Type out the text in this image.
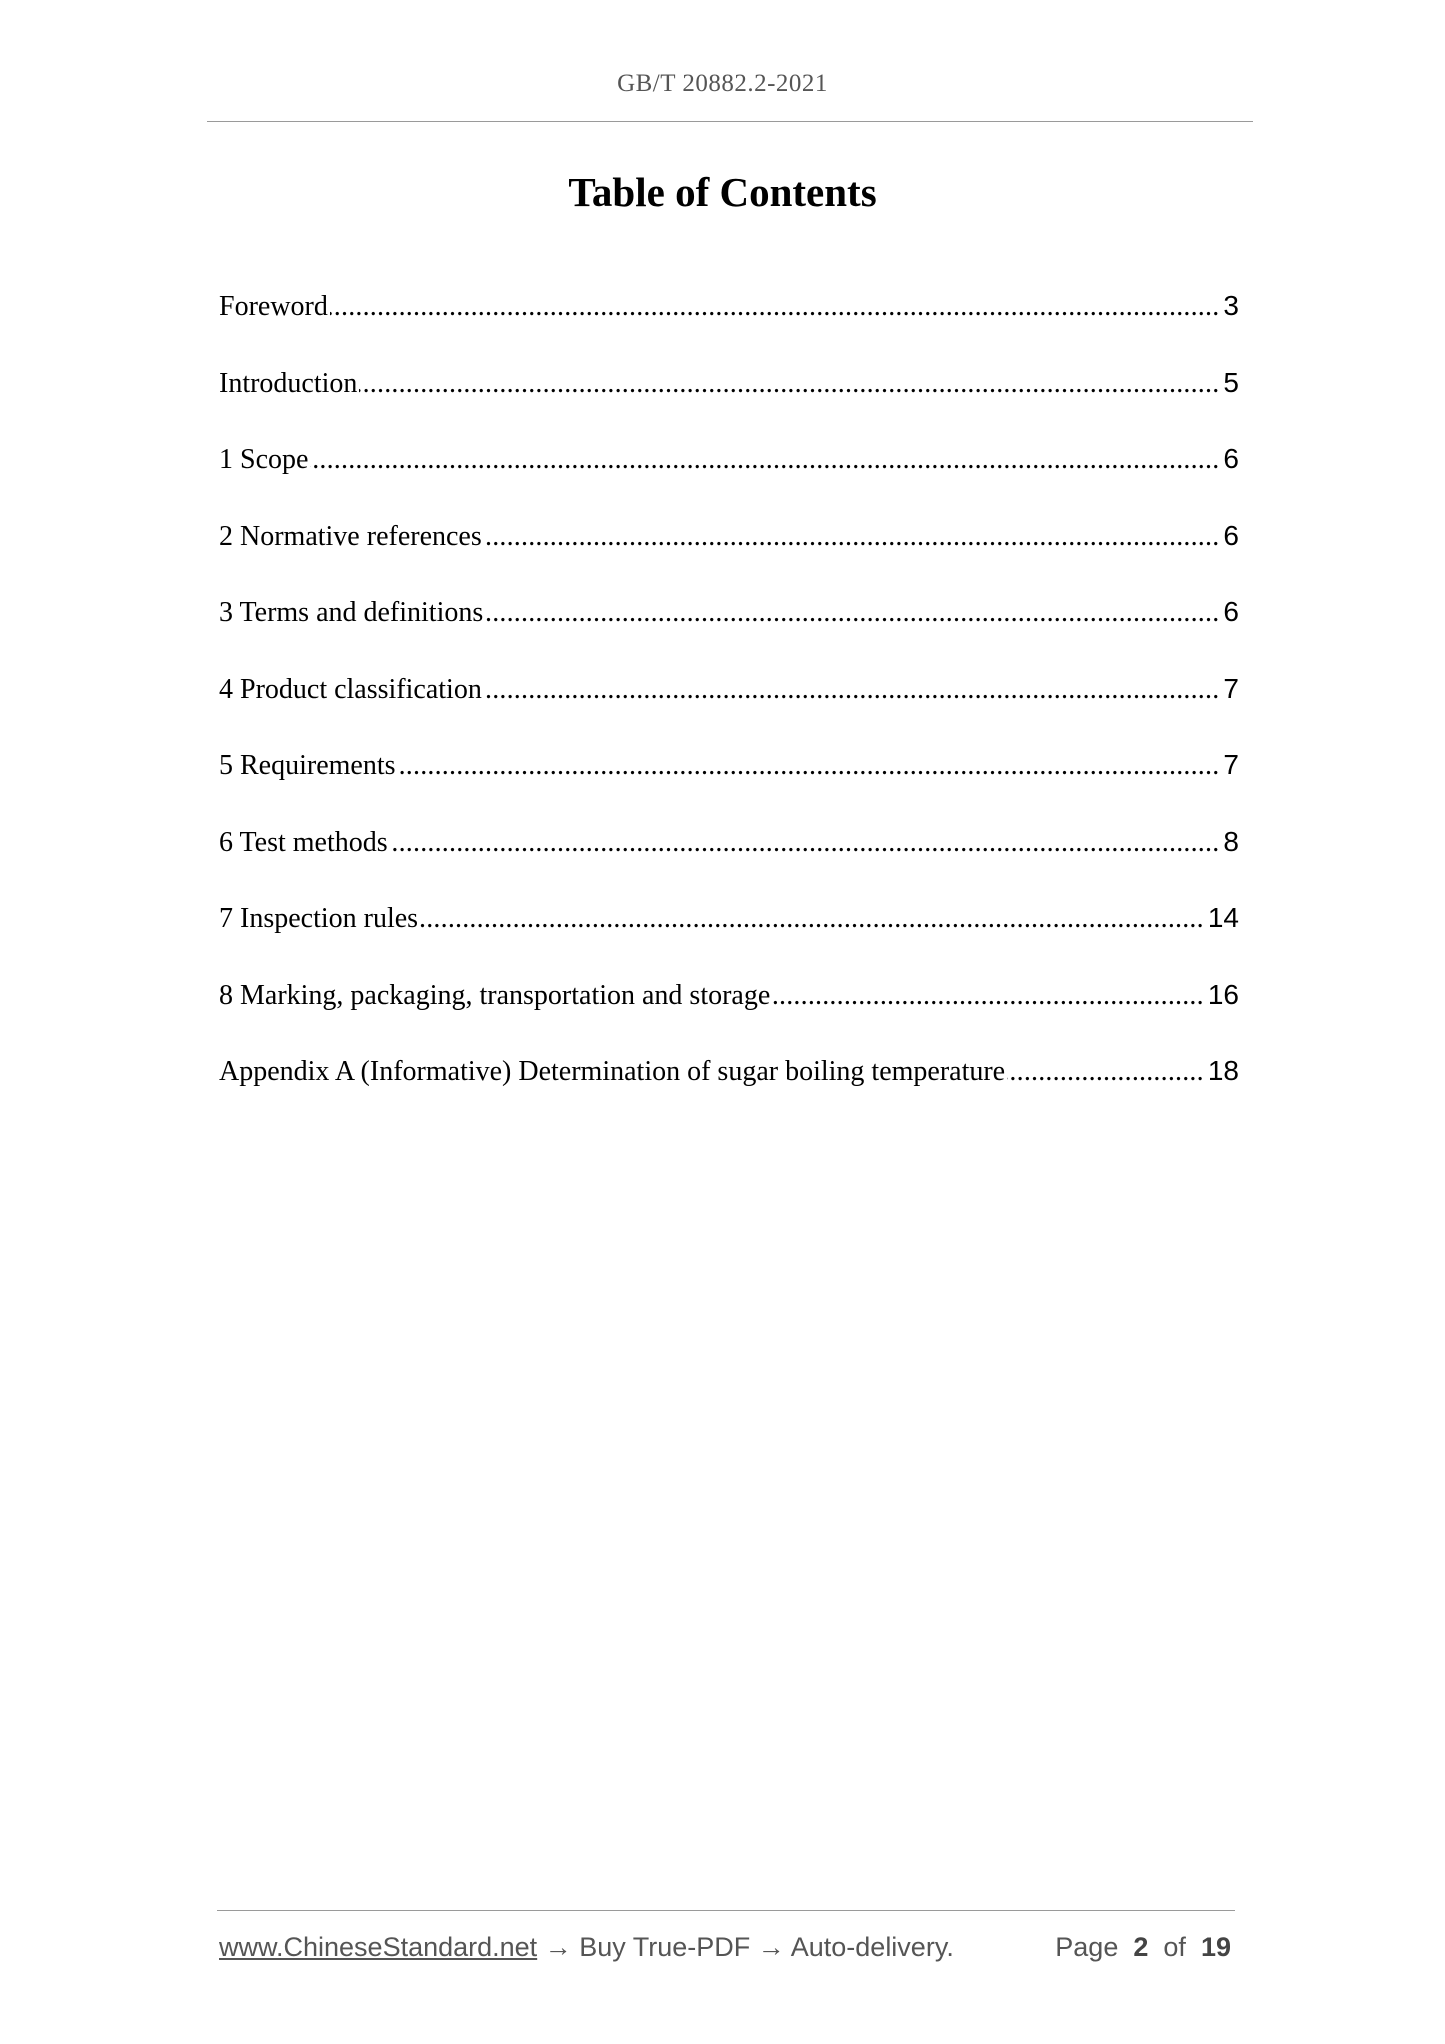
GB/T 20882.2-2021
Table of Contents
Foreword .....	3
Introduction .....	5
1 Scope .....	6
2 Normative references .....	6
3 Terms and definitions .....	6
4 Product classification .....	7
5 Requirements .....	7
6 Test methods .....	8
7 Inspection rules .....	14
8 Marking, packaging, transportation and storage .....	16
Appendix A (Informative) Determination of sugar boiling temperature .....	18
www.ChineseStandard.net → Buy True-PDF → Auto-delivery.	Page 2 of 19
